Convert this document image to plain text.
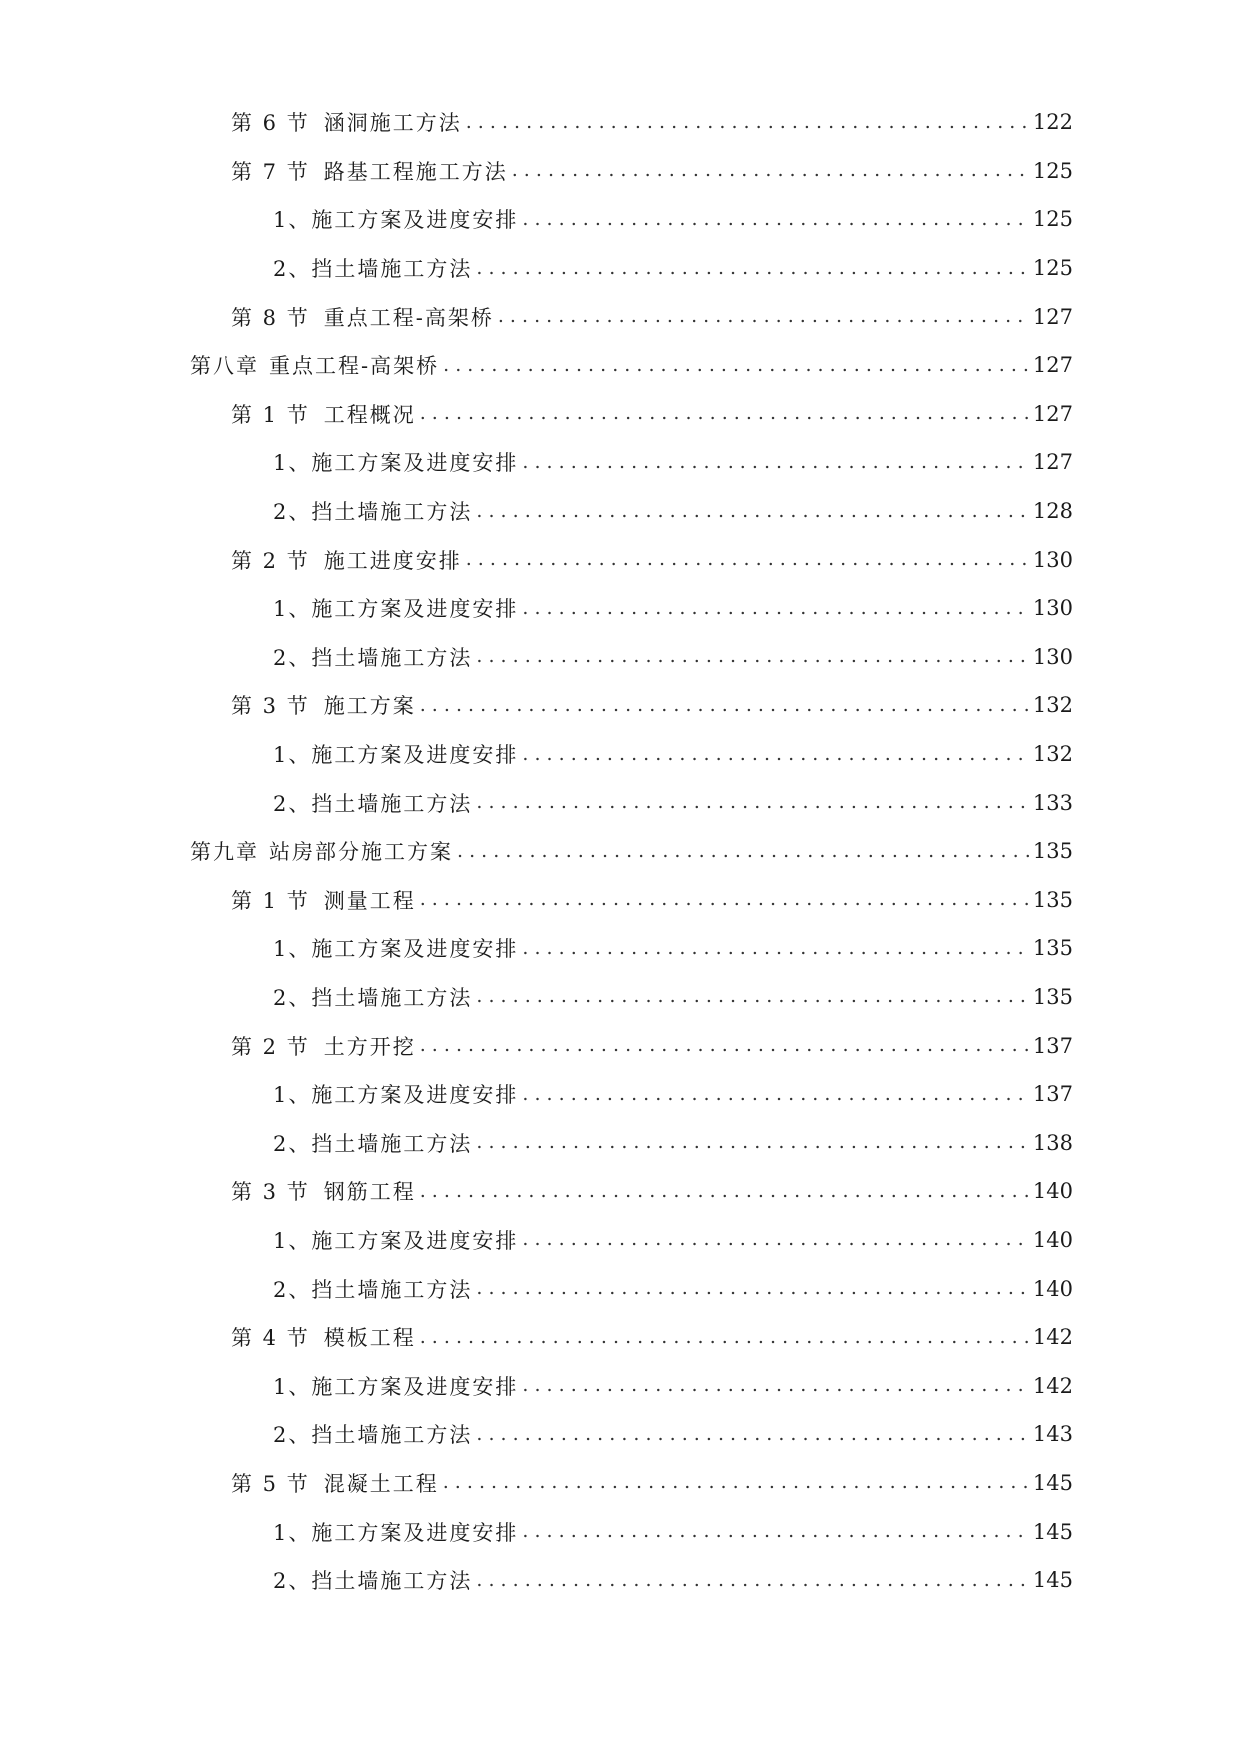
第 6 节 涵洞施工方法 . . .	122
第 7 节 路基工程施工方法 . . .	125
1、 施工方案及进度安排 . . .	125
2、 挡土墙施工方法 . . .	125
第 8 节 重点工程-高架桥 . . .	127
第八章 重点工程-高架桥 . . .	127
第 1 节 工程概况 . . .	127
1、 施工方案及进度安排 . . .	127
2、 挡土墙施工方法 . . .	128
第 2 节 施工进度安排 . . .	130
1、 施工方案及进度安排 . . .	130
2、 挡土墙施工方法 . . .	130
第 3 节 施工方案 . . .	132
1、 施工方案及进度安排 . . .	132
2、 挡土墙施工方法 . . .	133
第九章 站房部分施工方案 . . .	135
第 1 节 测量工程 . . .	135
1、 施工方案及进度安排 . . .	135
2、 挡土墙施工方法 . . .	135
第 2 节 土方开挖 . . .	137
1、 施工方案及进度安排 . . .	137
2、 挡土墙施工方法 . . .	138
第 3 节 钢筋工程 . . .	140
1、 施工方案及进度安排 . . .	140
2、 挡土墙施工方法 . . .	140
第 4 节 模板工程 . . .	142
1、 施工方案及进度安排 . . .	142
2、 挡土墙施工方法 . . .	143
第 5 节 混凝土工程 . . .	145
1、 施工方案及进度安排 . . .	145
2、 挡土墙施工方法 . . .	145
